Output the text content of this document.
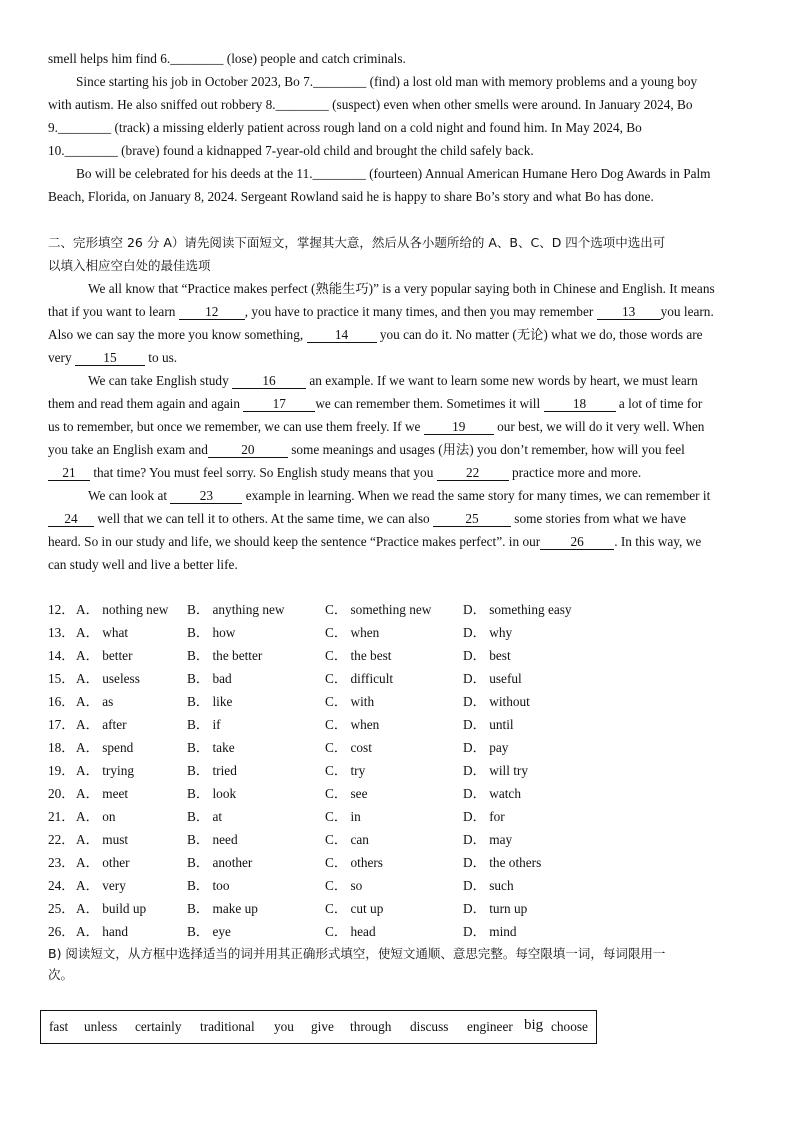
smell helps him find 6.________ (lose) people and catch criminals.
Since starting his job in October 2023, Bo 7.________ (find) a lost old man with memory problems and a young boy
with autism. He also sniffed out robbery 8.________ (suspect) even when other smells were around. In January 2024, Bo
9.________ (track) a missing elderly patient across rough land on a cold night and found him. In May 2024, Bo
10.________ (brave) found a kidnapped 7-year-old child and brought the child safely back.
Bo will be celebrated for his deeds at the 11.________ (fourteen) Annual American Humane Hero Dog Awards in Palm
Beach, Florida, on January 8, 2024. Sergeant Rowland said he is happy to share Bo’s story and what Bo has done.
二、完形填空 26 分 A）请先阅读下面短文，掌握其大意，然后从各小题所给的 A、B、C、D 四个选项中选出可
以填入相应空白处的最佳选项
We all know that “Practice makes perfect (熟能生巧)” is a very popular saying both in Chinese and English. It means
that if you want to learn 12 , you have to practice it many times, and then you may remember 13 you learn.
Also we can say the more you know something, 14 you can do it. No matter (无论) what we do, those words are
very 15 to us.
We can take English study 16 an example. If we want to learn some new words by heart, we must learn
them and read them again and again 17 we can remember them. Sometimes it will 18 a lot of time for
us to remember, but once we remember, we can use them freely. If we 19 our best, we will do it very well. When
you take an English exam and	20	some meanings and usages (用法) you don’t remember, how will you feel
21 that time? You must feel sorry. So English study means that you 22 practice more and more.
We can look at 23 example in learning. When we read the same story for many times, we can remember it
24 well that we can tell it to others. At the same time, we can also 25 some stories from what we have
heard. So in our study and life, we should keep the sentence “Practice makes perfect”. in our 26 . In this way, we
can study well and live a better life.
12． A． nothing new B． anything new	C． something new D． something easy
13． A． what	B． how	C． when	D． why
14． A． better	B． the better	C． the best	D． best
15． A． useless	B． bad	C． difficult	D． useful
16． A． as	B． like	C． with	D． without
17． A． after	B． if	C． when	D． until
18． A． spend	B． take	C． cost	D． pay
19． A． trying	B． tried	C． try	D． will try
20． A． meet	B． look	C． see	D． watch
21． A． on	B． at	C． in	D． for
22． A． must	B． need	C． can	D． may
23． A． other	B． another	C． others	D． the others
24． A． very	B． too	C． so	D． such
25． A． build up	B． make up	C． cut up	D． turn up
26． A． hand	B． eye	C． head	D． mind
B) 阅读短文，从方框中选择适当的词并用其正确形式填空，使短文通顺、意思完整。每空限填一词，每词限用一
次。
fast unless certainly traditional you give through discuss engineer big choose
